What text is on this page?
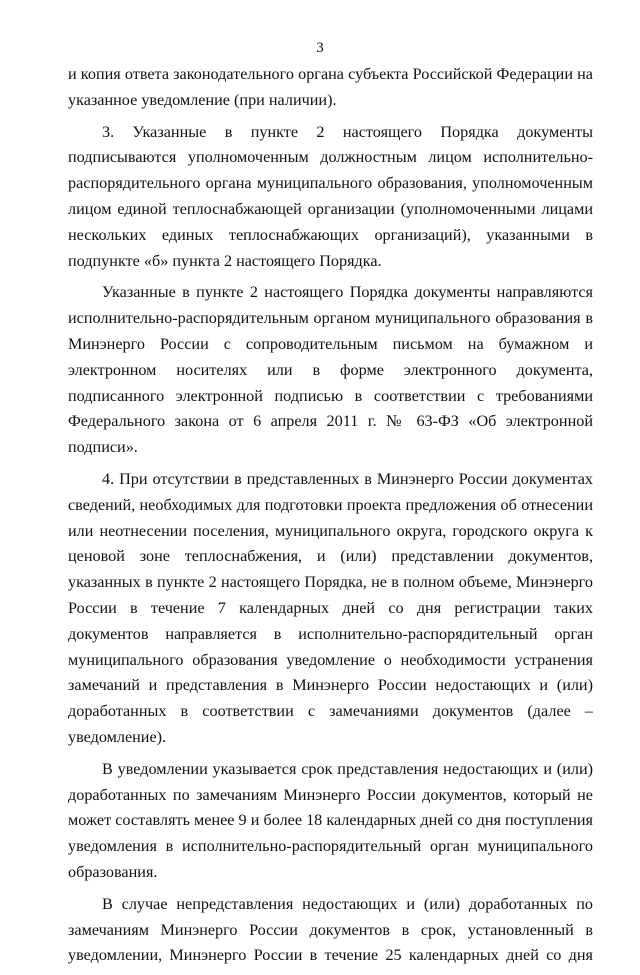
3

и копия ответа законодательного органа субъекта Российской Федерации на указанное уведомление (при наличии).

3. Указанные в пункте 2 настоящего Порядка документы подписываются уполномоченным должностным лицом исполнительно-распорядительного органа муниципального образования, уполномоченным лицом единой теплоснабжающей организации (уполномоченными лицами нескольких единых теплоснабжающих организаций), указанными в подпункте «б» пункта 2 настоящего Порядка.

Указанные в пункте 2 настоящего Порядка документы направляются исполнительно-распорядительным органом муниципального образования в Минэнерго России с сопроводительным письмом на бумажном и электронном носителях или в форме электронного документа, подписанного электронной подписью в соответствии с требованиями Федерального закона от 6 апреля 2011 г. № 63-ФЗ «Об электронной подписи».

4. При отсутствии в представленных в Минэнерго России документах сведений, необходимых для подготовки проекта предложения об отнесении или неотнесении поселения, муниципального округа, городского округа к ценовой зоне теплоснабжения, и (или) представлении документов, указанных в пункте 2 настоящего Порядка, не в полном объеме, Минэнерго России в течение 7 календарных дней со дня регистрации таких документов направляется в исполнительно-распорядительный орган муниципального образования уведомление о необходимости устранения замечаний и представления в Минэнерго России недостающих и (или) доработанных в соответствии с замечаниями документов (далее – уведомление).

В уведомлении указывается срок представления недостающих и (или) доработанных по замечаниям Минэнерго России документов, который не может составлять менее 9 и более 18 календарных дней со дня поступления уведомления в исполнительно-распорядительный орган муниципального образования.

В случае непредставления недостающих и (или) доработанных по замечаниям Минэнерго России документов в срок, установленный в уведомлении, Минэнерго России в течение 25 календарных дней со дня
